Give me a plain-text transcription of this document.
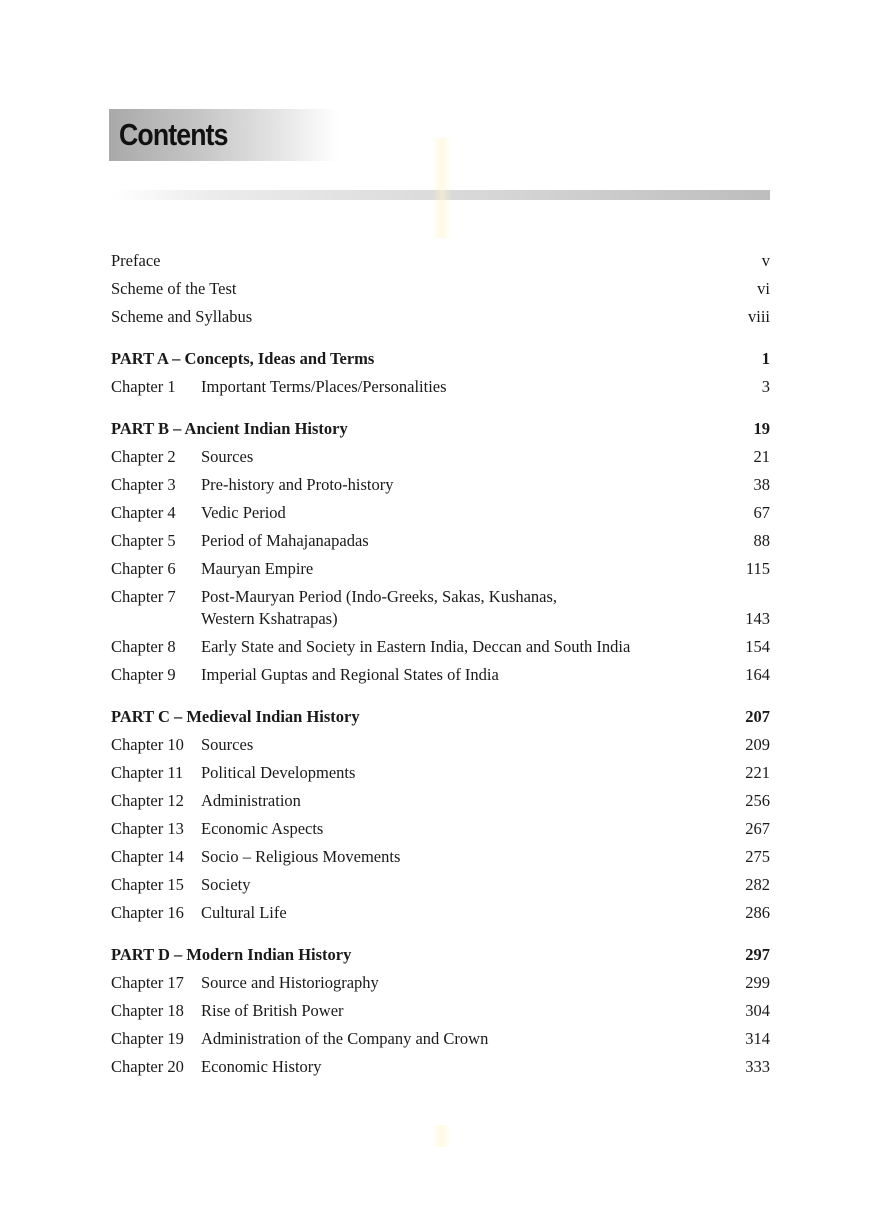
Contents
Preface	v
Scheme of the Test	vi
Scheme and Syllabus	viii
PART A – Concepts, Ideas and Terms	1
Chapter 1 Important Terms/Places/Personalities	3
PART B – Ancient Indian History	19
Chapter 2 Sources	21
Chapter 3 Pre-history and Proto-history	38
Chapter 4 Vedic Period	67
Chapter 5 Period of Mahajanapadas	88
Chapter 6 Mauryan Empire	115
Chapter 7 Post-Mauryan Period (Indo-Greeks, Sakas, Kushanas,
Western Kshatrapas)	143
Chapter 8 Early State and Society in Eastern India, Deccan and South India	154
Chapter 9 Imperial Guptas and Regional States of India	164
PART C – Medieval Indian History	207
Chapter 10 Sources	209
Chapter 11 Political Developments	221
Chapter 12 Administration	256
Chapter 13 Economic Aspects	267
Chapter 14 Socio – Religious Movements	275
Chapter 15 Society	282
Chapter 16 Cultural Life	286
PART D – Modern Indian History	297
Chapter 17 Source and Historiography	299
Chapter 18 Rise of British Power	304
Chapter 19 Administration of the Company and Crown	314
Chapter 20 Economic History	333
